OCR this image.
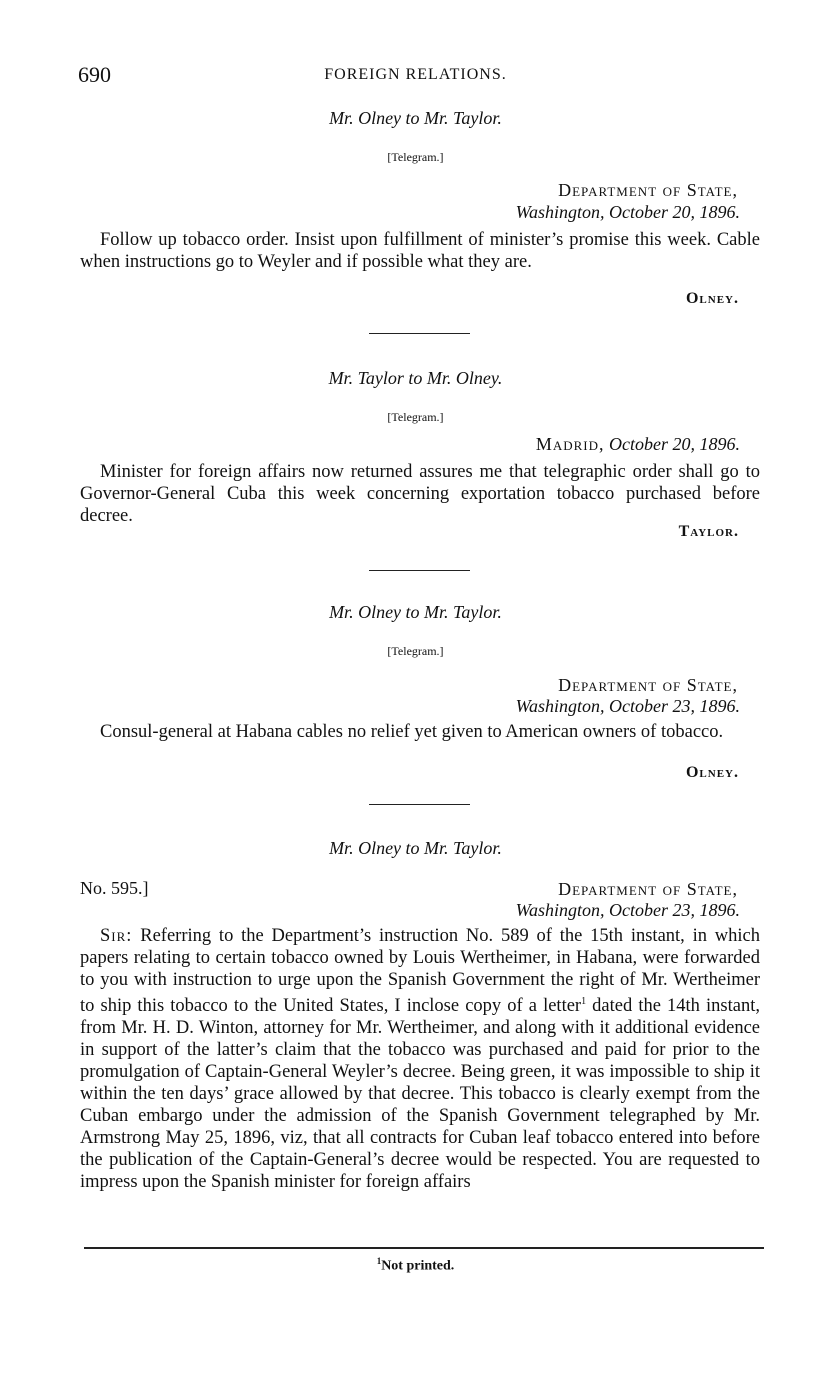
690	FOREIGN RELATIONS.
Mr. Olney to Mr. Taylor.
[Telegram.]
Department of State,
Washington, October 20, 1896.

Follow up tobacco order. Insist upon fulfillment of minister’s promise this week. Cable when instructions go to Weyler and if possible what they are.

Olney.
Mr. Taylor to Mr. Olney.
[Telegram.]
Madrid, October 20, 1896.

Minister for foreign affairs now returned assures me that telegraphic order shall go to Governor-General Cuba this week concerning exportation tobacco purchased before decree.

Taylor.
Mr. Olney to Mr. Taylor.
[Telegram.]
Department of State,
Washington, October 23, 1896.

Consul-general at Habana cables no relief yet given to American owners of tobacco.

Olney.
Mr. Olney to Mr. Taylor.
No. 595.]	Department of State,
Washington, October 23, 1896.

Sir: Referring to the Department’s instruction No. 589 of the 15th instant, in which papers relating to certain tobacco owned by Louis Wertheimer, in Habana, were forwarded to you with instruction to urge upon the Spanish Government the right of Mr. Wertheimer to ship this tobacco to the United States, I inclose copy of a letter$^1$ dated the 14th instant, from Mr. H. D. Winton, attorney for Mr. Wertheimer, and along with it additional evidence in support of the latter’s claim that the tobacco was purchased and paid for prior to the promulgation of Captain-General Weyler’s decree. Being green, it was impossible to ship it within the ten days’ grace allowed by that decree. This tobacco is clearly exempt from the Cuban embargo under the admission of the Spanish Government telegraphed by Mr. Armstrong May 25, 1896, viz, that all contracts for Cuban leaf tobacco entered into before the publication of the Captain-General’s decree would be respected. You are requested to impress upon the Spanish minister for foreign affairs

$^1$Not printed.
